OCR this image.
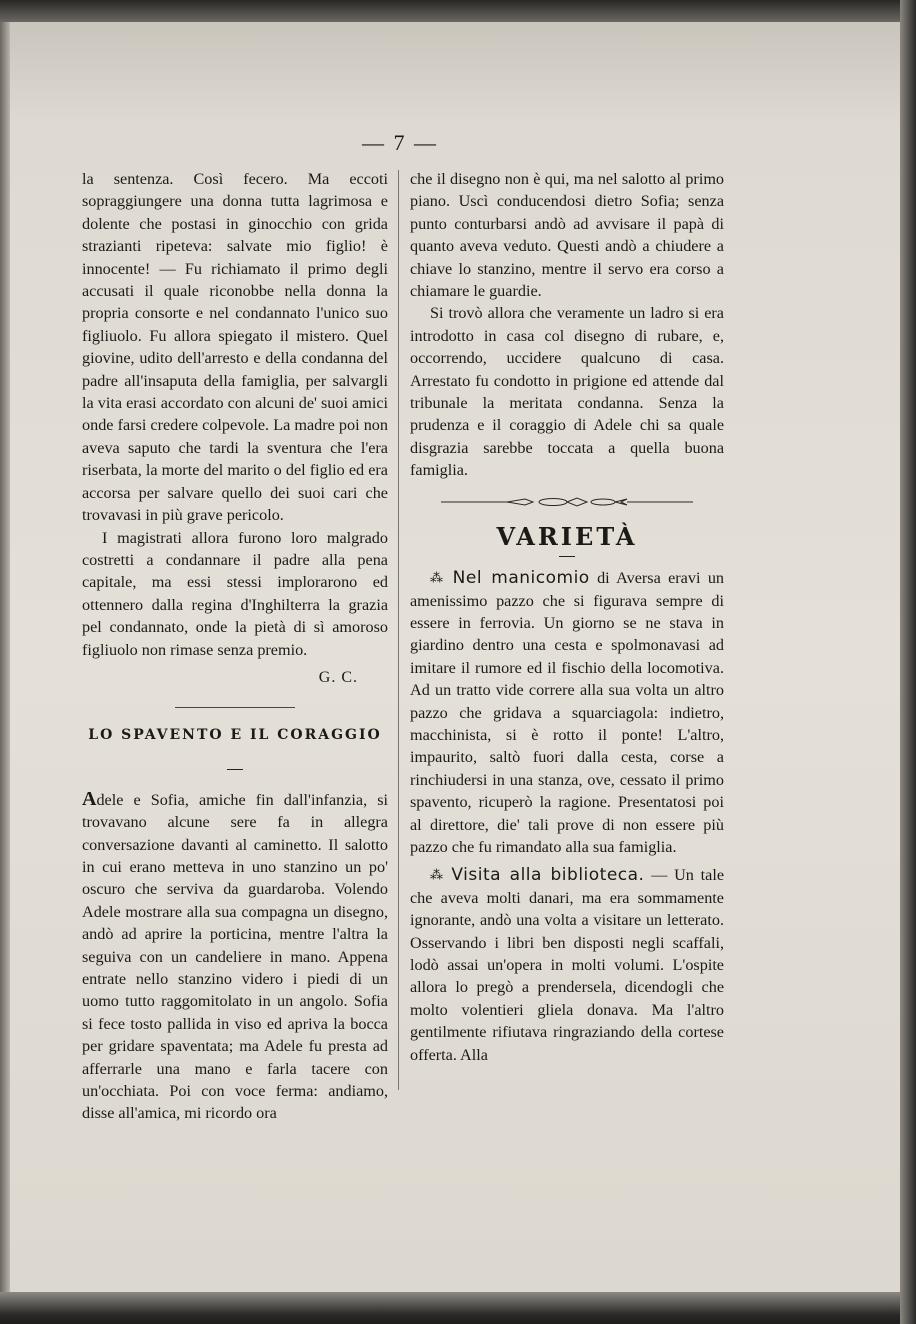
— 7 —

la sentenza. Così fecero. Ma eccoti sopraggiungere una donna tutta lagrimosa e dolente che postasi in ginocchio con grida strazianti ripeteva: salvate mio figlio! è innocente! — Fu richiamato il primo degli accusati il quale riconobbe nella donna la propria consorte e nel condannato l'unico suo figliuolo. Fu allora spiegato il mistero. Quel giovine, udito dell'arresto e della condanna del padre all'insaputa della famiglia, per salvargli la vita erasi accordato con alcuni de' suoi amici onde farsi credere colpevole. La madre poi non aveva saputo che tardi la sventura che l'era riserbata, la morte del marito o del figlio ed era accorsa per salvare quello dei suoi cari che trovavasi in più grave pericolo.

I magistrati allora furono loro malgrado costretti a condannare il padre alla pena capitale, ma essi stessi implorarono ed ottennero dalla regina d'Inghilterra la grazia pel condannato, onde la pietà di sì amoroso figliuolo non rimase senza premio.

G. C.

LO SPAVENTO E IL CORAGGIO

Adele e Sofia, amiche fin dall'infanzia, si trovavano alcune sere fa in allegra conversazione davanti al caminetto. Il salotto in cui erano metteva in uno stanzino un po' oscuro che serviva da guardaroba. Volendo Adele mostrare alla sua compagna un disegno, andò ad aprire la porticina, mentre l'altra la seguiva con un candeliere in mano. Appena entrate nello stanzino videro i piedi di un uomo tutto raggomitolato in un angolo. Sofia si fece tosto pallida in viso ed apriva la bocca per gridare spaventata; ma Adele fu presta ad afferrarle una mano e farla tacere con un'occhiata. Poi con voce ferma: andiamo, disse all'amica, mi ricordo ora

che il disegno non è qui, ma nel salotto al primo piano. Uscì conducendosi dietro Sofia; senza punto conturbarsi andò ad avvisare il papà di quanto aveva veduto. Questi andò a chiudere a chiave lo stanzino, mentre il servo era corso a chiamare le guardie.

Si trovò allora che veramente un ladro si era introdotto in casa col disegno di rubare, e, occorrendo, uccidere qualcuno di casa. Arrestato fu condotto in prigione ed attende dal tribunale la meritata condanna. Senza la prudenza e il coraggio di Adele chi sa quale disgrazia sarebbe toccata a quella buona famiglia.

VARIETÀ

⁂ Nel manicomio di Aversa eravi un amenissimo pazzo che si figurava sempre di essere in ferrovia. Un giorno se ne stava in giardino dentro una cesta e spolmonavasi ad imitare il rumore ed il fischio della locomotiva. Ad un tratto vide correre alla sua volta un altro pazzo che gridava a squarciagola: indietro, macchinista, si è rotto il ponte! L'altro, impaurito, saltò fuori dalla cesta, corse a rinchiudersi in una stanza, ove, cessato il primo spavento, ricuperò la ragione. Presentatosi poi al direttore, die' tali prove di non essere più pazzo che fu rimandato alla sua famiglia.

⁂ Visita alla biblioteca. — Un tale che aveva molti danari, ma era sommamente ignorante, andò una volta a visitare un letterato. Osservando i libri ben disposti negli scaffali, lodò assai un'opera in molti volumi. L'ospite allora lo pregò a prendersela, dicendogli che molto volentieri gliela donava. Ma l'altro gentilmente rifiutava ringraziando della cortese offerta. Alla
